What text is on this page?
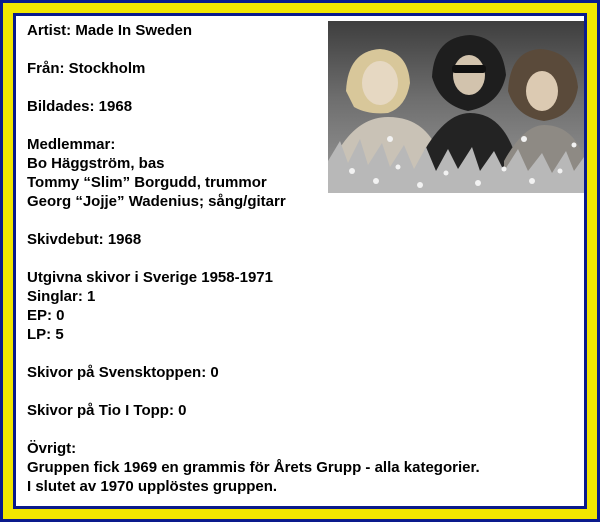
Artist: Made In Sweden

Från: Stockholm

Bildades: 1968

Medlemmar:
Bo Häggström, bas
Tommy “Slim” Borgudd, trummor
Georg “Jojje” Wadenius; sång/gitarr

Skivdebut: 1968

Utgivna skivor i Sverige 1958-1971
Singlar: 1
EP: 0
LP: 5

Skivor på Svensktoppen: 0

Skivor på Tio I Topp: 0

Övrigt:
Gruppen fick 1969 en grammis för Årets Grupp - alla kategorier.
I slutet av 1970 upplöstes gruppen.
